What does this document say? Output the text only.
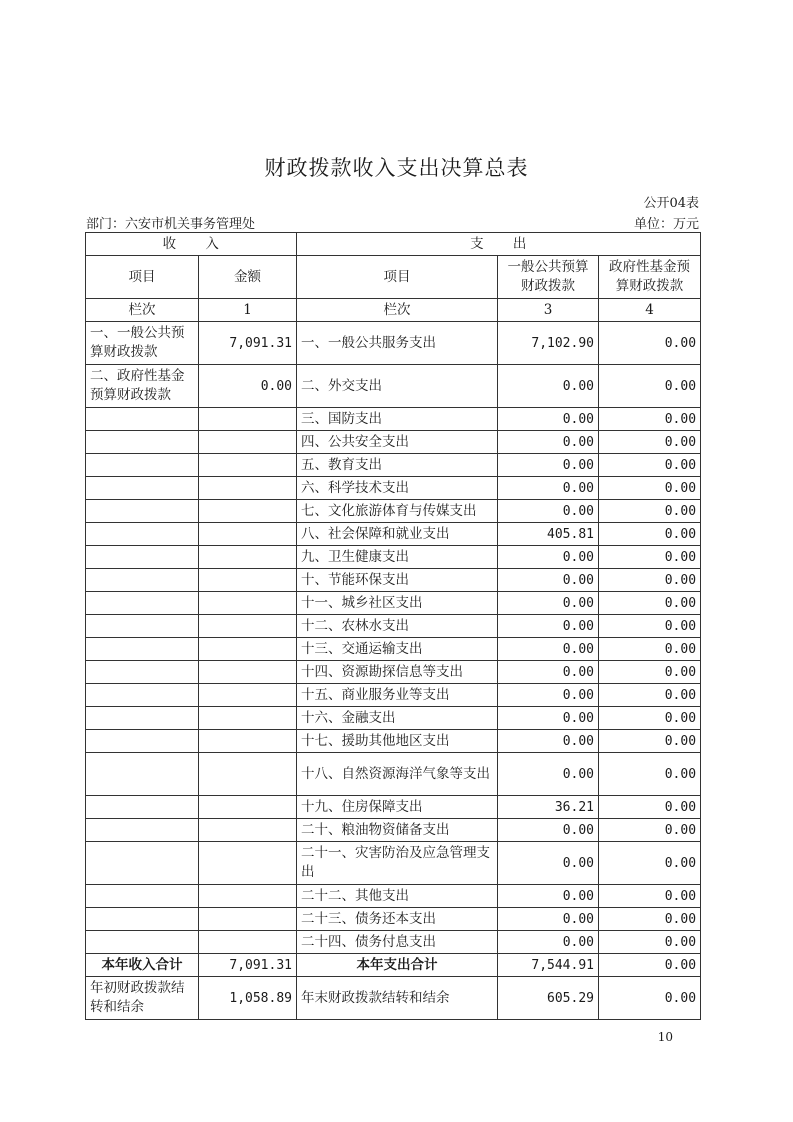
财政拨款收入支出决算总表
公开04表
部门：六安市机关事务管理处	单位：万元
收      入		支      出		
项目	金额	项目	一般公共预算财政拨款	政府性基金预算财政拨款
栏次	1	栏次	3	4
一、一般公共预算财政拨款	7,091.31	一、一般公共服务支出	7,102.90	0.00
二、政府性基金预算财政拨款	0.00	二、外交支出	0.00	0.00
		三、国防支出	0.00	0.00
		四、公共安全支出	0.00	0.00
		五、教育支出	0.00	0.00
		六、科学技术支出	0.00	0.00
		七、文化旅游体育与传媒支出	0.00	0.00
		八、社会保障和就业支出	405.81	0.00
		九、卫生健康支出	0.00	0.00
		十、节能环保支出	0.00	0.00
		十一、城乡社区支出	0.00	0.00
		十二、农林水支出	0.00	0.00
		十三、交通运输支出	0.00	0.00
		十四、资源勘探信息等支出	0.00	0.00
		十五、商业服务业等支出	0.00	0.00
		十六、金融支出	0.00	0.00
		十七、援助其他地区支出	0.00	0.00
		十八、自然资源海洋气象等支出	0.00	0.00
		十九、住房保障支出	36.21	0.00
		二十、粮油物资储备支出	0.00	0.00
		二十一、灾害防治及应急管理支出	0.00	0.00
		二十二、其他支出	0.00	0.00
		二十三、债务还本支出	0.00	0.00
		二十四、债务付息支出	0.00	0.00
本年收入合计	7,091.31	本年支出合计	7,544.91	0.00
年初财政拨款结转和结余	1,058.89	年末财政拨款结转和结余	605.29	0.00
10
